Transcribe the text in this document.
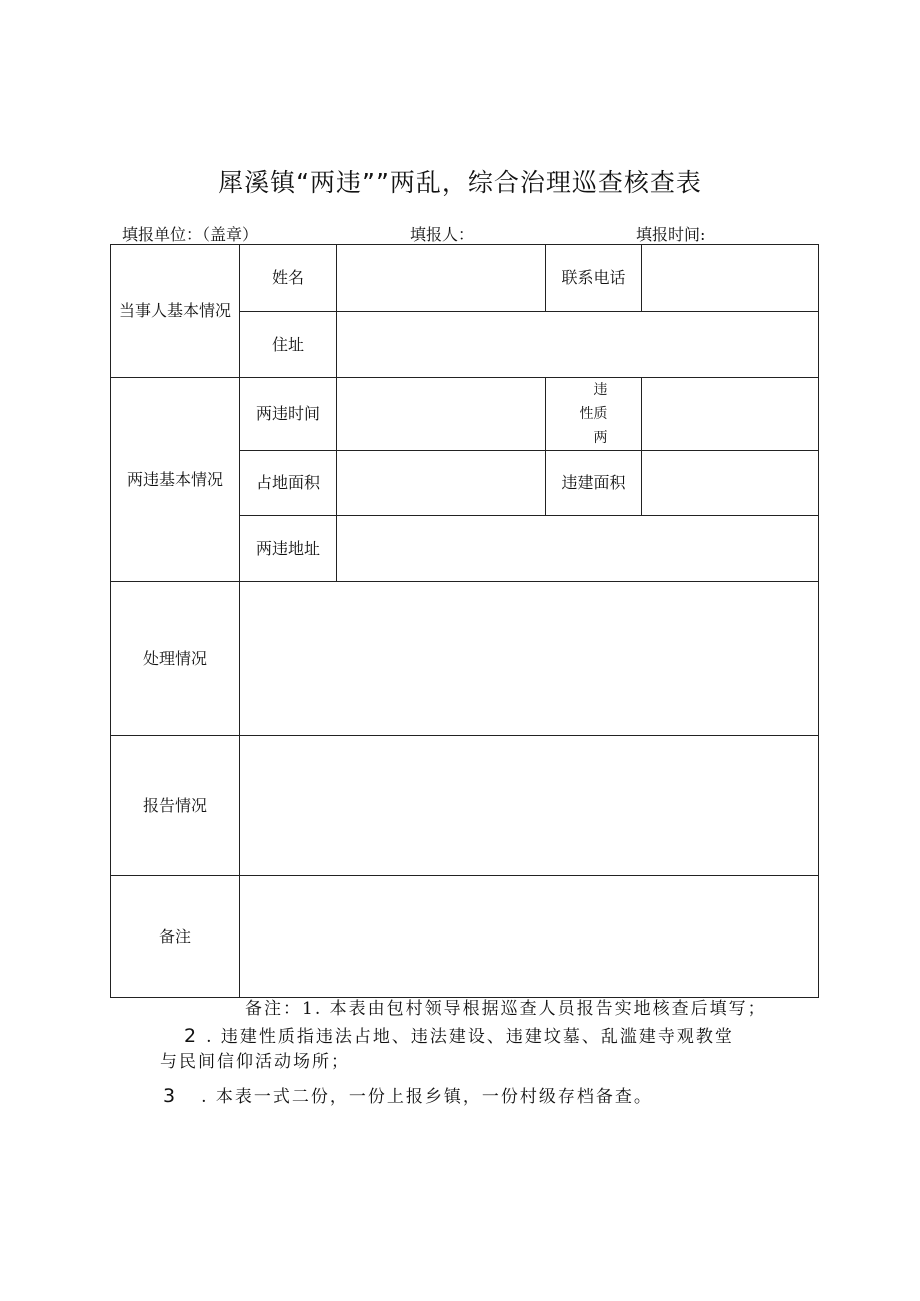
犀溪镇“两违””两乱，综合治理巡查核查表
填报单位：（盖章）	填报人：	填报时间:
当事人基本情况	姓名		联系电话	
	住址			
两违基本情况	两违时间		违
性质
两	

	占地面积		违建面积	
	两违地址			
处理情况				
报告情况				
备注				
备注：1. 本表由包村领导根据巡查人员报告实地核查后填写；
2 . 违建性质指违法占地、违法建设、违建坟墓、乱滥建寺观教堂
与民间信仰活动场所；
3 . 本表一式二份，一份上报乡镇，一份村级存档备查。
